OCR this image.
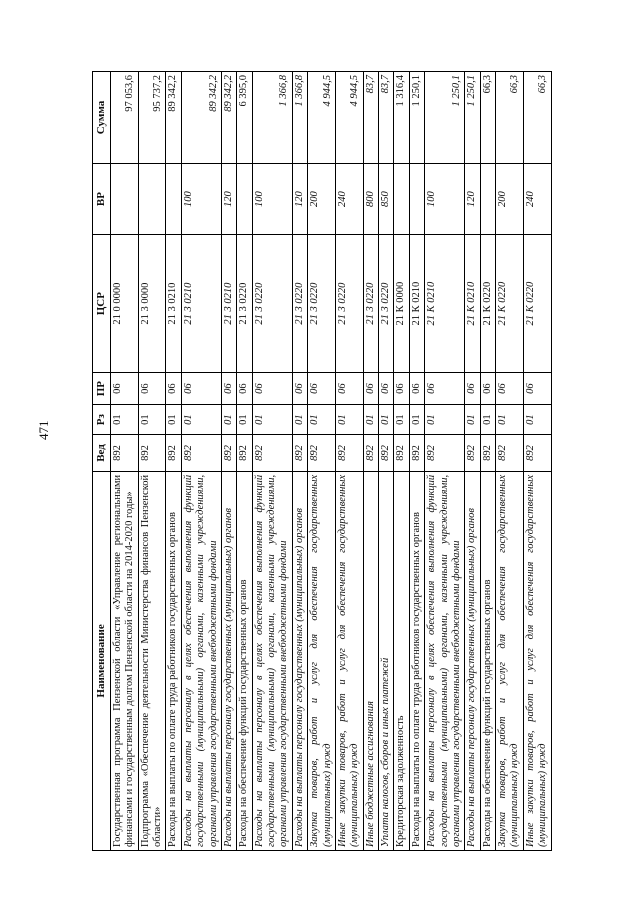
471
Наименование	Вед	Рз	ПР	ЦСР	ВР	Сумма
Государственная программа Пензенской области «Управление региональными финансами и государственным долгом Пензенской области на 2014-2020 годы»	892	01	06	21 0 0000		97 053,6
Подпрограмма «Обеспечение деятельности Министерства финансов Пензенской области»	892	01	06	21 3 0000		95 737,2
Расходы на выплаты по оплате труда работников государственных органов	892	01	06	21 3 0210		89 342,2
Расходы на выплаты персоналу в целях обеспечения выполнения функций государственными (муниципальными) органами, казенными учреждениями, органами управления государственными внебюджетными фондами	892	01	06	21 3 0210	100	89 342,2
Расходы на выплаты персоналу государственных (муниципальных) органов	892	01	06	21 3 0210	120	89 342,2
Расходы на обеспечение функций государственных органов	892	01	06	21 3 0220		6 395,0
Расходы на выплаты персоналу в целях обеспечения выполнения функций государственными (муниципальными) органами, казенными учреждениями, органами управления государственными внебюджетными фондами	892	01	06	21 3 0220	100	1 366,8
Расходы на выплаты персоналу государственных (муниципальных) органов	892	01	06	21 3 0220	120	1 366,8
Закупка товаров, работ и услуг для обеспечения государственных (муниципальных) нужд	892	01	06	21 3 0220	200	4 944,5
Иные закупки товаров, работ и услуг для обеспечения государственных (муниципальных) нужд	892	01	06	21 3 0220	240	4 944,5
Иные бюджетные ассигнования	892	01	06	21 3 0220	800	83,7
Уплата налогов, сборов и иных платежей	892	01	06	21 3 0220	850	83,7
Кредиторская задолженность	892	01	06	21 К 0000		1 316,4
Расходы на выплаты по оплате труда работников государственных органов	892	01	06	21 К 0210		1 250,1
Расходы на выплаты персоналу в целях обеспечения выполнения функций государственными (муниципальными) органами, казенными учреждениями, органами управления государственными внебюджетными фондами	892	01	06	21 К 0210	100	1 250,1
Расходы на выплаты персоналу государственных (муниципальных) органов	892	01	06	21 К 0210	120	1 250,1
Расходы на обеспечение функций государственных органов	892	01	06	21 К 0220		66,3
Закупка товаров, работ и услуг для обеспечения государственных (муниципальных) нужд	892	01	06	21 К 0220	200	66,3
Иные закупки товаров, работ и услуг для обеспечения государственных (муниципальных) нужд	892	01	06	21 К 0220	240	66,3
